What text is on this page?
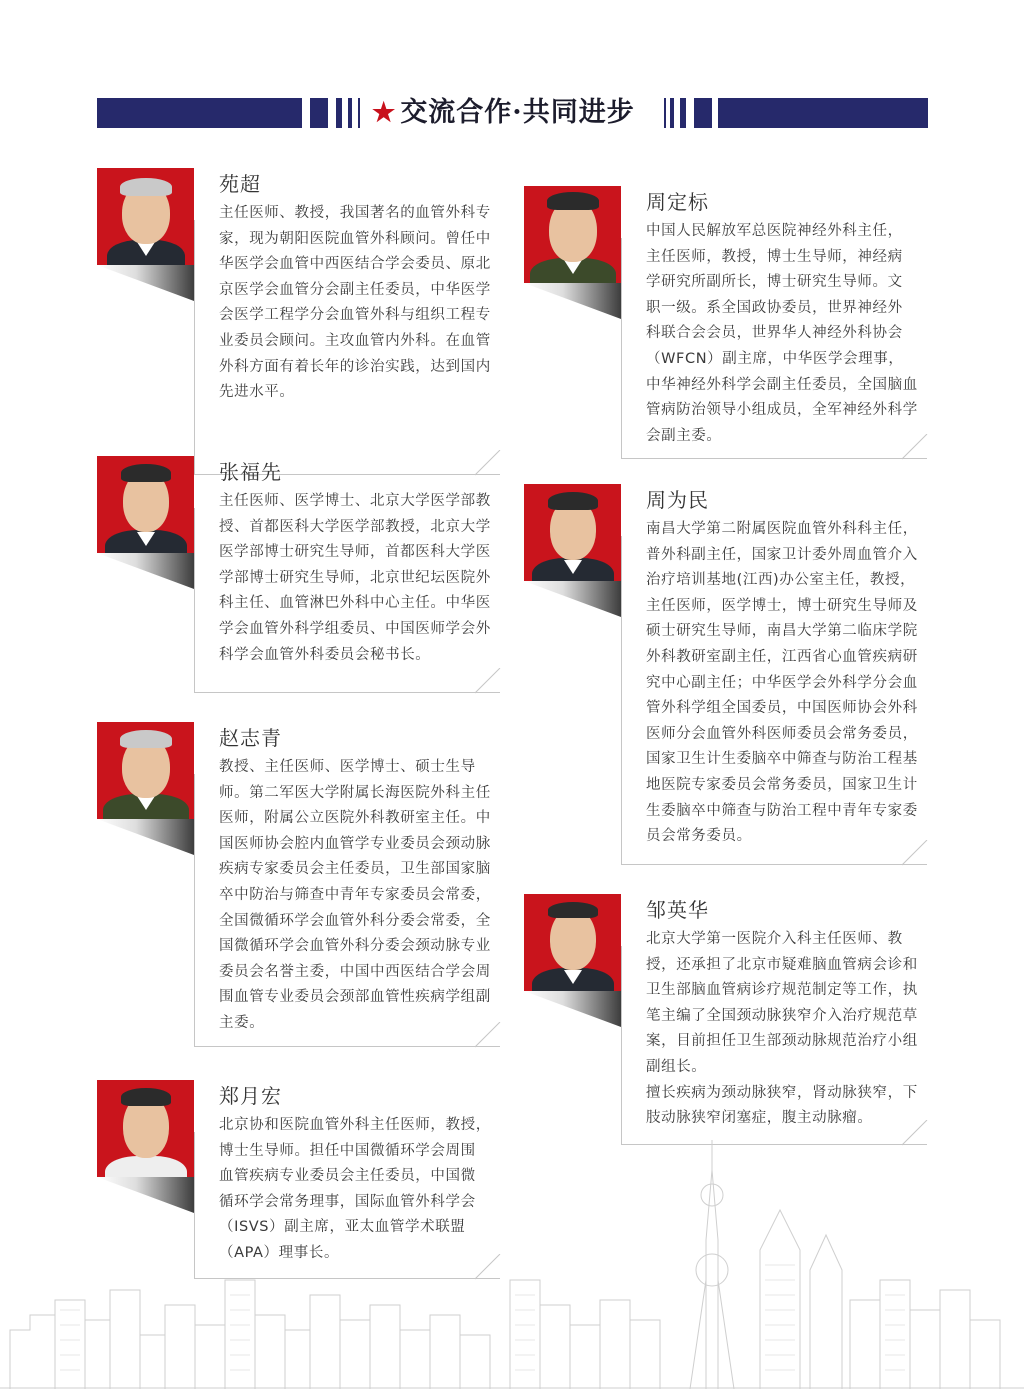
★ 交流合作·共同进步
苑超
主任医师、教授，我国著名的血管外科专
家，现为朝阳医院血管外科顾问。曾任中
华医学会血管中西医结合学会委员、原北
京医学会血管分会副主任委员，中华医学
会医学工程学分会血管外科与组织工程专
业委员会顾问。主攻血管内外科。在血管
外科方面有着长年的诊治实践，达到国内
先进水平。
张福先
主任医师、医学博士、北京大学医学部教
授、首都医科大学医学部教授，北京大学
医学部博士研究生导师，首都医科大学医
学部博士研究生导师，北京世纪坛医院外
科主任、血管淋巴外科中心主任。中华医
学会血管外科学组委员、中国医师学会外
科学会血管外科委员会秘书长。
赵志青
教授、主任医师、医学博士、硕士生导
师。第二军医大学附属长海医院外科主任
医师，附属公立医院外科教研室主任。中
国医师协会腔内血管学专业委员会颈动脉
疾病专家委员会主任委员，卫生部国家脑
卒中防治与筛查中青年专家委员会常委，
全国微循环学会血管外科分委会常委，全
国微循环学会血管外科分委会颈动脉专业
委员会名誉主委，中国中西医结合学会周
围血管专业委员会颈部血管性疾病学组副
主委。
郑月宏
北京协和医院血管外科主任医师，教授，
博士生导师。担任中国微循环学会周围
血管疾病专业委员会主任委员，中国微
循环学会常务理事，国际血管外科学会
（ISVS）副主席，亚太血管学术联盟
（APA）理事长。
周定标
中国人民解放军总医院神经外科主任，
主任医师，教授，博士生导师，神经病
学研究所副所长，博士研究生导师。文
职一级。系全国政协委员，世界神经外
科联合会会员，世界华人神经外科协会
（WFCN）副主席，中华医学会理事，
中华神经外科学会副主任委员，全国脑血
管病防治领导小组成员，全军神经外科学
会副主委。
周为民
南昌大学第二附属医院血管外科科主任，
普外科副主任，国家卫计委外周血管介入
治疗培训基地(江西)办公室主任，教授，
主任医师，医学博士，博士研究生导师及
硕士研究生导师，南昌大学第二临床学院
外科教研室副主任，江西省心血管疾病研
究中心副主任；中华医学会外科学分会血
管外科学组全国委员，中国医师协会外科
医师分会血管外科医师委员会常务委员，
国家卫生计生委脑卒中筛查与防治工程基
地医院专家委员会常务委员，国家卫生计
生委脑卒中筛查与防治工程中青年专家委
员会常务委员。
邹英华
北京大学第一医院介入科主任医师、教
授，还承担了北京市疑难脑血管病会诊和
卫生部脑血管病诊疗规范制定等工作，执
笔主编了全国颈动脉狭窄介入治疗规范草
案，目前担任卫生部颈动脉规范治疗小组
副组长。
擅长疾病为颈动脉狭窄，肾动脉狭窄，下
肢动脉狭窄闭塞症，腹主动脉瘤。
